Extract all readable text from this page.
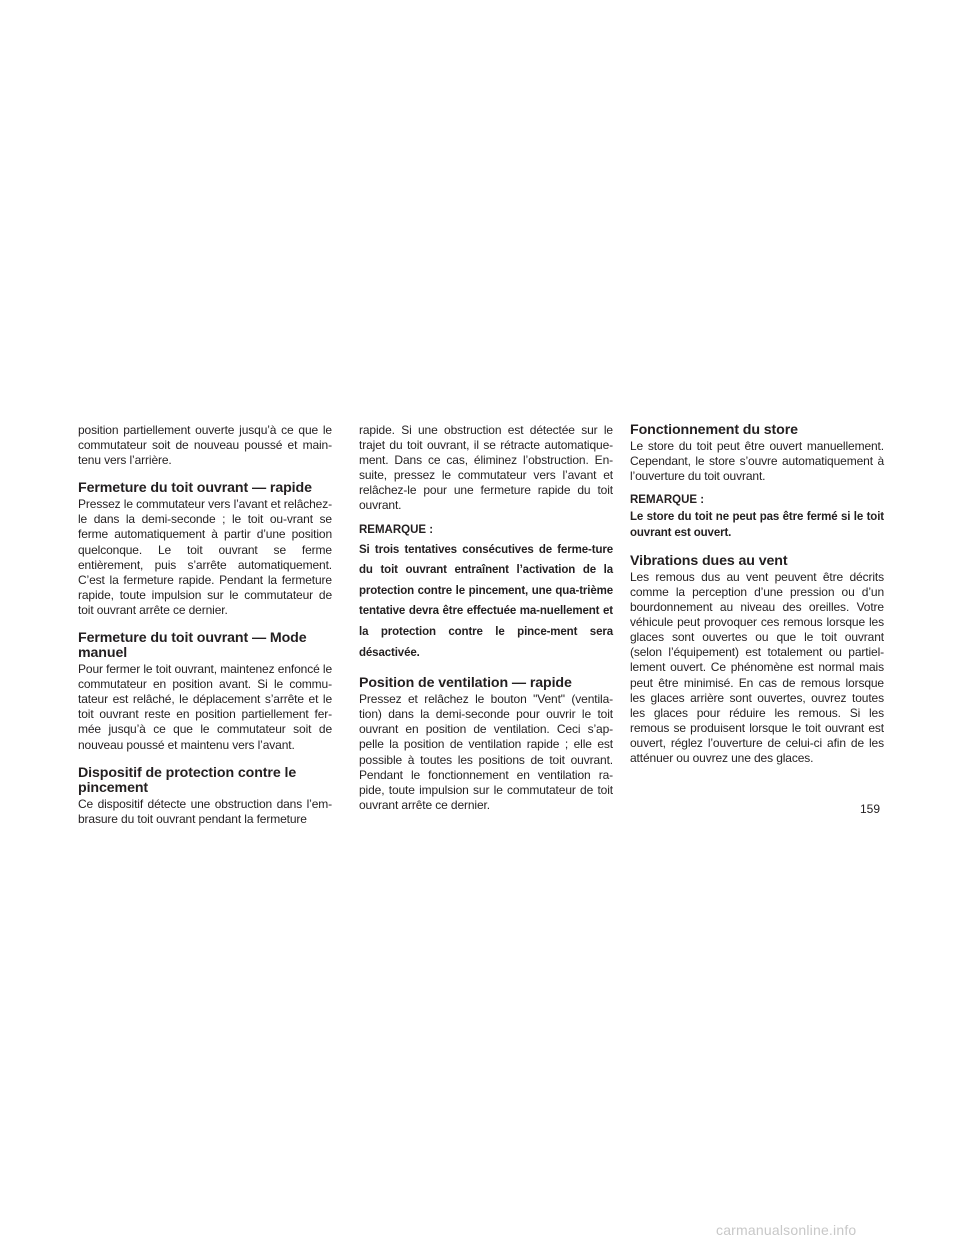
position partiellement ouverte jusqu’à ce que le commutateur soit de nouveau poussé et main-tenu vers l’arrière.

Fermeture du toit ouvrant — rapide

Pressez le commutateur vers l’avant et relâchez-le dans la demi-seconde ; le toit ou-vrant se ferme automatiquement à partir d’une position quelconque. Le toit ouvrant se ferme entièrement, puis s’arrête automatiquement. C’est la fermeture rapide. Pendant la fermeture rapide, toute impulsion sur le commutateur de toit ouvrant arrête ce dernier.

Fermeture du toit ouvrant — Mode manuel

Pour fermer le toit ouvrant, maintenez enfoncé le commutateur en position avant. Si le commu-tateur est relâché, le déplacement s’arrête et le toit ouvrant reste en position partiellement fer-mée jusqu’à ce que le commutateur soit de nouveau poussé et maintenu vers l’avant.

Dispositif de protection contre le pincement

Ce dispositif détecte une obstruction dans l’em-brasure du toit ouvrant pendant la fermeture

rapide. Si une obstruction est détectée sur le trajet du toit ouvrant, il se rétracte automatique-ment. Dans ce cas, éliminez l’obstruction. En-suite, pressez le commutateur vers l’avant et relâchez-le pour une fermeture rapide du toit ouvrant.

REMARQUE :

Si trois tentatives consécutives de ferme-ture du toit ouvrant entraînent l’activation de la protection contre le pincement, une qua-trième tentative devra être effectuée ma-nuellement et la protection contre le pince-ment sera désactivée.

Position de ventilation — rapide

Pressez et relâchez le bouton "Vent" (ventila-tion) dans la demi-seconde pour ouvrir le toit ouvrant en position de ventilation. Ceci s’ap-pelle la position de ventilation rapide ; elle est possible à toutes les positions de toit ouvrant. Pendant le fonctionnement en ventilation ra-pide, toute impulsion sur le commutateur de toit ouvrant arrête ce dernier.

Fonctionnement du store

Le store du toit peut être ouvert manuellement. Cependant, le store s’ouvre automatiquement à l’ouverture du toit ouvrant.

REMARQUE :

Le store du toit ne peut pas être fermé si le toit ouvrant est ouvert.

Vibrations dues au vent

Les remous dus au vent peuvent être décrits comme la perception d’une pression ou d’un bourdonnement au niveau des oreilles. Votre véhicule peut provoquer ces remous lorsque les glaces sont ouvertes ou que le toit ouvrant (selon l’équipement) est totalement ou partiel-lement ouvert. Ce phénomène est normal mais peut être minimisé. En cas de remous lorsque les glaces arrière sont ouvertes, ouvrez toutes les glaces pour réduire les remous. Si les remous se produisent lorsque le toit ouvrant est ouvert, réglez l’ouverture de celui-ci afin de les atténuer ou ouvrez une des glaces.

159
carmanualsonline.info
